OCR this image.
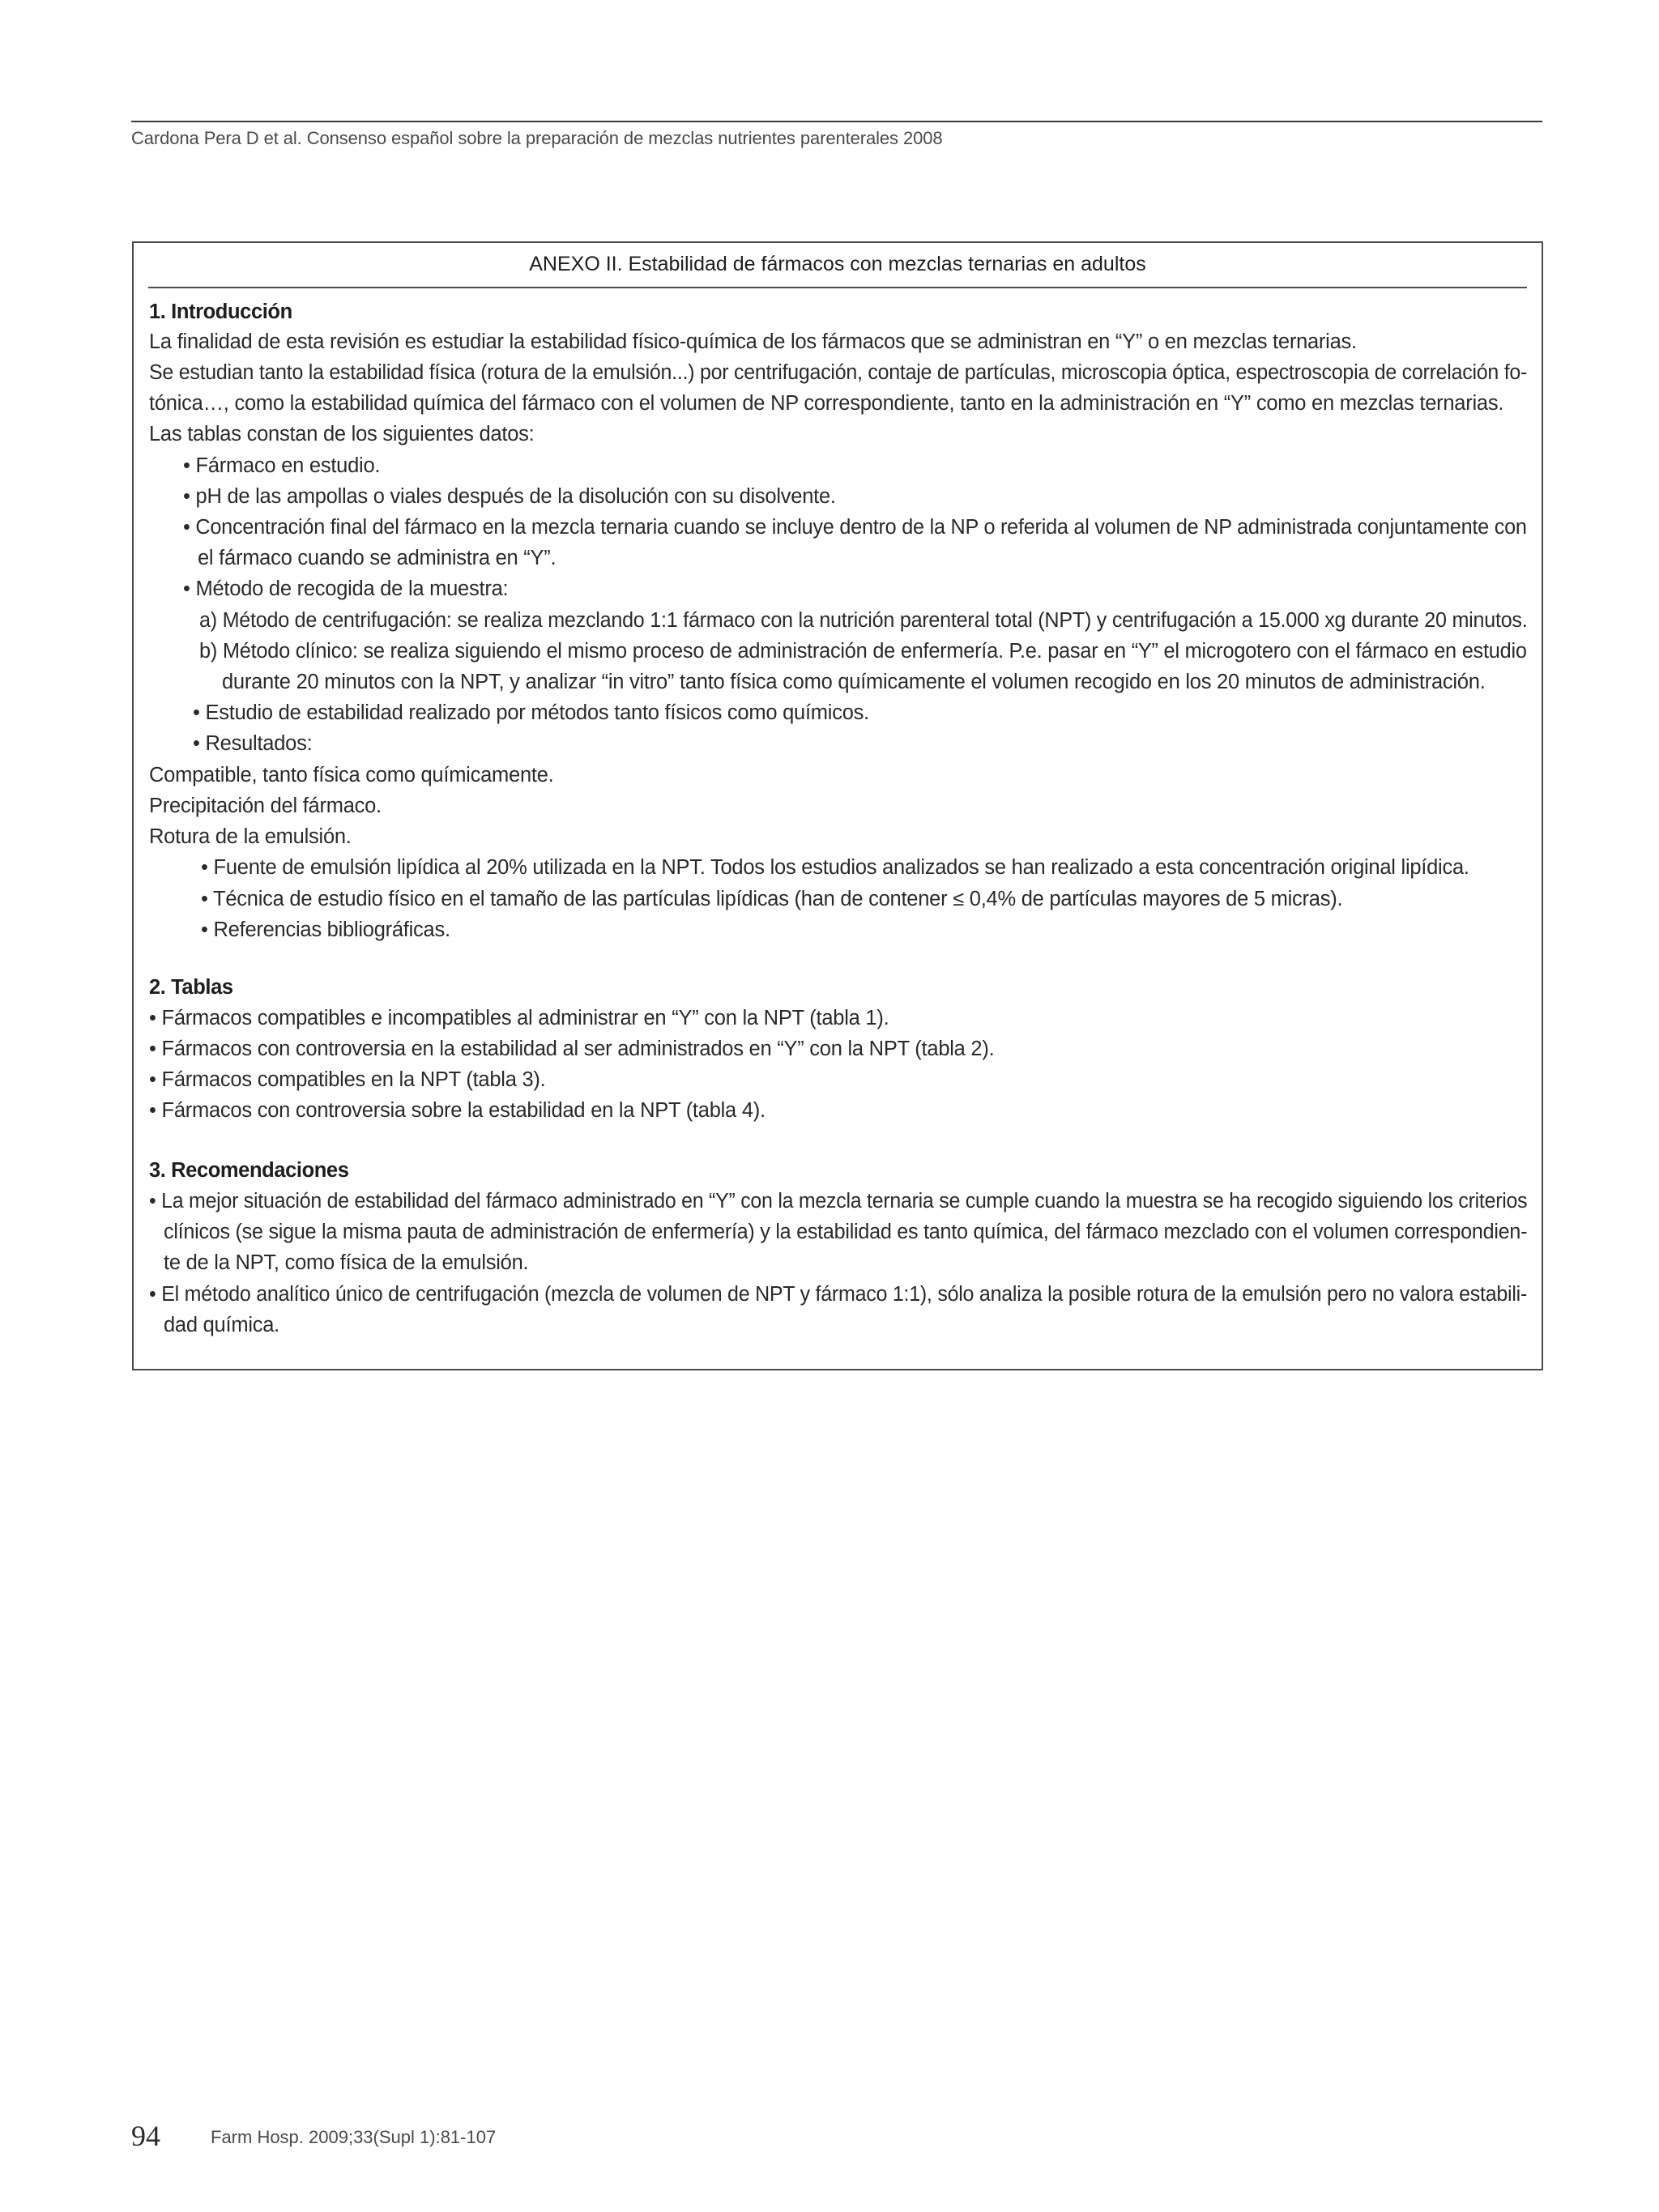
Cardona Pera D et al. Consenso español sobre la preparación de mezclas nutrientes parenterales 2008
ANEXO II. Estabilidad de fármacos con mezclas ternarias en adultos
1. Introducción
La finalidad de esta revisión es estudiar la estabilidad físico-química de los fármacos que se administran en “Y” o en mezclas ternarias.
Se estudian tanto la estabilidad física (rotura de la emulsión...) por centrifugación, contaje de partículas, microscopia óptica, espectroscopia de correlación fo-
tónica…, como la estabilidad química del fármaco con el volumen de NP correspondiente, tanto en la administración en “Y” como en mezclas ternarias.
Las tablas constan de los siguientes datos:
• Fármaco en estudio.
• pH de las ampollas o viales después de la disolución con su disolvente.
• Concentración final del fármaco en la mezcla ternaria cuando se incluye dentro de la NP o referida al volumen de NP administrada conjuntamente con
el fármaco cuando se administra en “Y”.
• Método de recogida de la muestra:
a) Método de centrifugación: se realiza mezclando 1:1 fármaco con la nutrición parenteral total (NPT) y centrifugación a 15.000 xg durante 20 minutos.
b) Método clínico: se realiza siguiendo el mismo proceso de administración de enfermería. P.e. pasar en “Y” el microgotero con el fármaco en estudio
durante 20 minutos con la NPT, y analizar “in vitro” tanto física como químicamente el volumen recogido en los 20 minutos de administración.
• Estudio de estabilidad realizado por métodos tanto físicos como químicos.
• Resultados:
Compatible, tanto física como químicamente.
Precipitación del fármaco.
Rotura de la emulsión.
• Fuente de emulsión lipídica al 20% utilizada en la NPT. Todos los estudios analizados se han realizado a esta concentración original lipídica.
• Técnica de estudio físico en el tamaño de las partículas lipídicas (han de contener ≤ 0,4% de partículas mayores de 5 micras).
• Referencias bibliográficas.
2. Tablas
• Fármacos compatibles e incompatibles al administrar en “Y” con la NPT (tabla 1).
• Fármacos con controversia en la estabilidad al ser administrados en “Y” con la NPT (tabla 2).
• Fármacos compatibles en la NPT (tabla 3).
• Fármacos con controversia sobre la estabilidad en la NPT (tabla 4).
3. Recomendaciones
• La mejor situación de estabilidad del fármaco administrado en “Y” con la mezcla ternaria se cumple cuando la muestra se ha recogido siguiendo los criterios
clínicos (se sigue la misma pauta de administración de enfermería) y la estabilidad es tanto química, del fármaco mezclado con el volumen correspondien-
te de la NPT, como física de la emulsión.
• El método analítico único de centrifugación (mezcla de volumen de NPT y fármaco 1:1), sólo analiza la posible rotura de la emulsión pero no valora estabili-
dad química.
94	Farm Hosp. 2009;33(Supl 1):81-107
